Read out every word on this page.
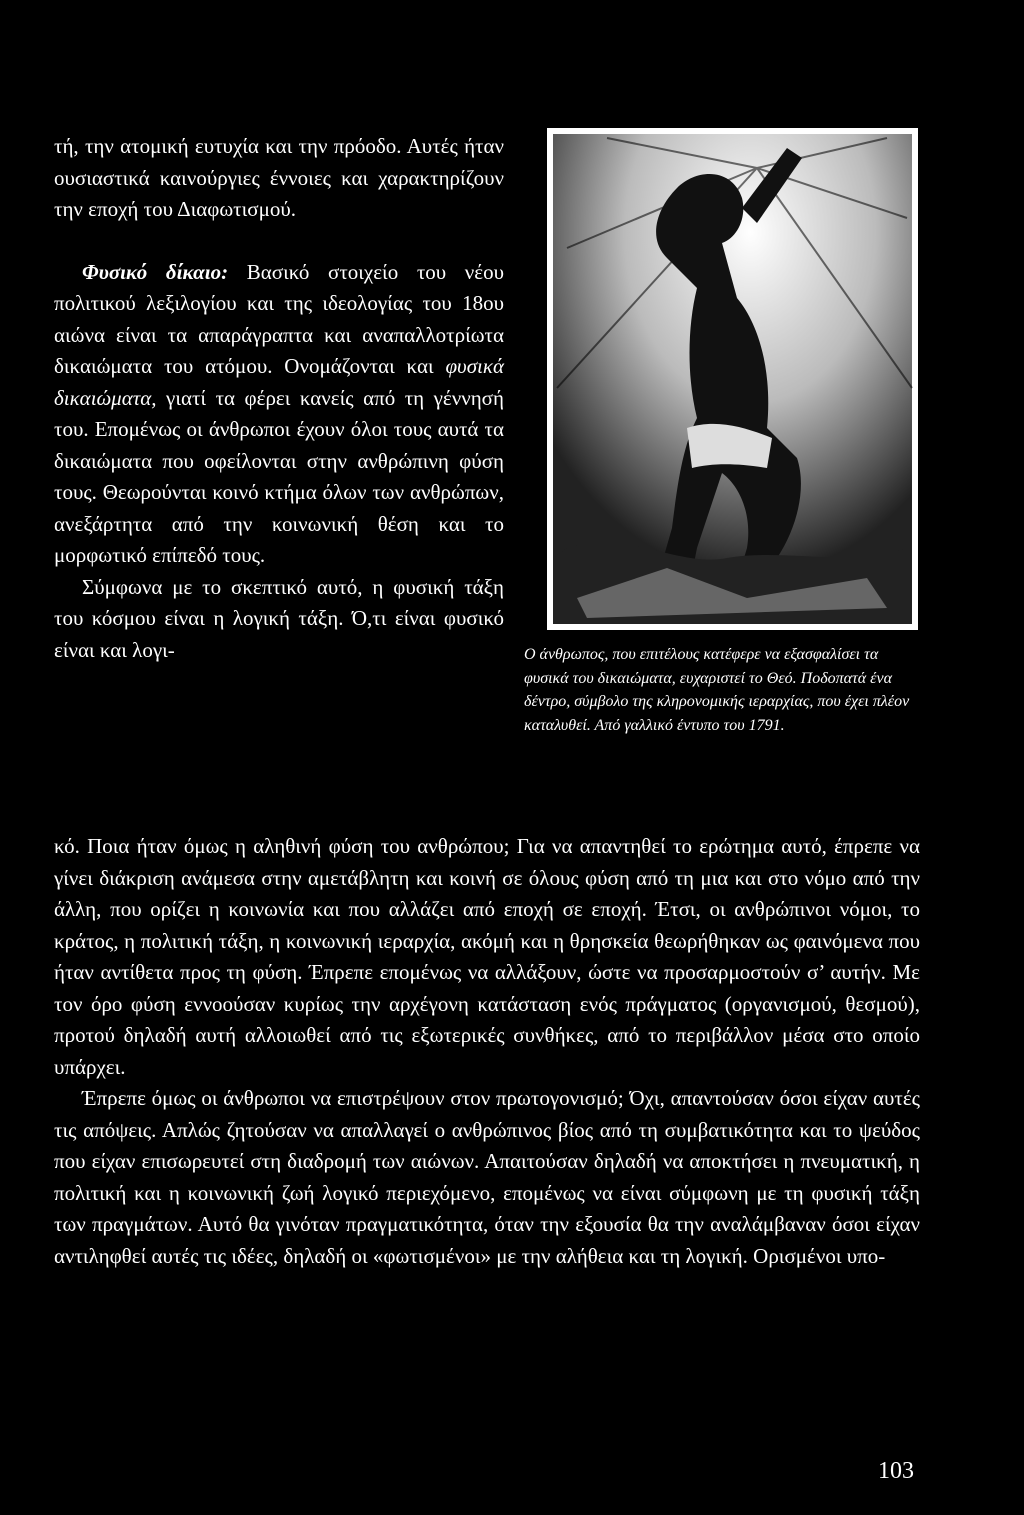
τή, την ατομική ευτυχία και την πρόοδο. Αυτές ήταν ουσιαστικά καινούργιες έννοιες και χαρακτηρίζουν την εποχή του Διαφωτισμού.

Φυσικό δίκαιο: Βασικό στοιχείο του νέου πολιτικού λεξιλογίου και της ιδεολογίας του 18ου αιώνα είναι τα απαράγραπτα και αναπαλλοτρίωτα δικαιώματα του ατόμου. Ονομάζονται και φυσικά δικαιώματα, γιατί τα φέρει κανείς από τη γέννησή του. Επομένως οι άνθρωποι έχουν όλοι τους αυτά τα δικαιώματα που οφείλονται στην ανθρώπινη φύση τους. Θεωρούνται κοινό κτήμα όλων των ανθρώπων, ανεξάρτητα από την κοινωνική θέση και το μορφωτικό επίπεδό τους.

Σύμφωνα με το σκεπτικό αυτό, η φυσική τάξη του κόσμου είναι η λογική τάξη. Ό,τι είναι φυσικό είναι και λογι-	Ο άνθρωπος, που επιτέλους κατέφερε να εξασφαλίσει τα φυσικά του δικαιώματα, ευχαριστεί το Θεό. Ποδοπατά ένα δέντρο, σύμβολο της κληρονομικής ιεραρχίας, που έχει πλέον καταλυθεί. Από γαλλικό έντυπο του 1791.

κό. Ποια ήταν όμως η αληθινή φύση του ανθρώπου; Για να απαντηθεί το ερώτημα αυτό, έπρεπε να γίνει διάκριση ανάμεσα στην αμετάβλητη και κοινή σε όλους φύση από τη μια και στο νόμο από την άλλη, που ορίζει η κοινωνία και που αλλάζει από εποχή σε εποχή. Έτσι, οι ανθρώπινοι νόμοι, το κράτος, η πολιτική τάξη, η κοινωνική ιεραρχία, ακόμή και η θρησκεία θεωρήθηκαν ως φαινόμενα που ήταν αντίθετα προς τη φύση. Έπρεπε επομένως να αλλάξουν, ώστε να προσαρμοστούν σ’ αυτήν. Με τον όρο φύση εννοούσαν κυρίως την αρχέγονη κατάσταση ενός πράγματος (οργανισμού, θεσμού), προτού δηλαδή αυτή αλλοιωθεί από τις εξωτερικές συνθήκες, από το περιβάλλον μέσα στο οποίο υπάρχει.

Έπρεπε όμως οι άνθρωποι να επιστρέψουν στον πρωτογονισμό; Όχι, απαντούσαν όσοι είχαν αυτές τις απόψεις. Απλώς ζητούσαν να απαλλαγεί ο ανθρώπινος βίος από τη συμβατικότητα και το ψεύδος που είχαν επισωρευτεί στη διαδρομή των αιώνων. Απαιτούσαν δηλαδή να αποκτήσει η πνευματική, η πολιτική και η κοινωνική ζωή λογικό περιεχόμενο, επομένως να είναι σύμφωνη με τη φυσική τάξη των πραγμάτων. Αυτό θα γινόταν πραγματικότητα, όταν την εξουσία θα την αναλάμβαναν όσοι είχαν αντιληφθεί αυτές τις ιδέες, δηλαδή οι «φωτισμένοι» με την αλήθεια και τη λογική. Ορισμένοι υπο-

103
